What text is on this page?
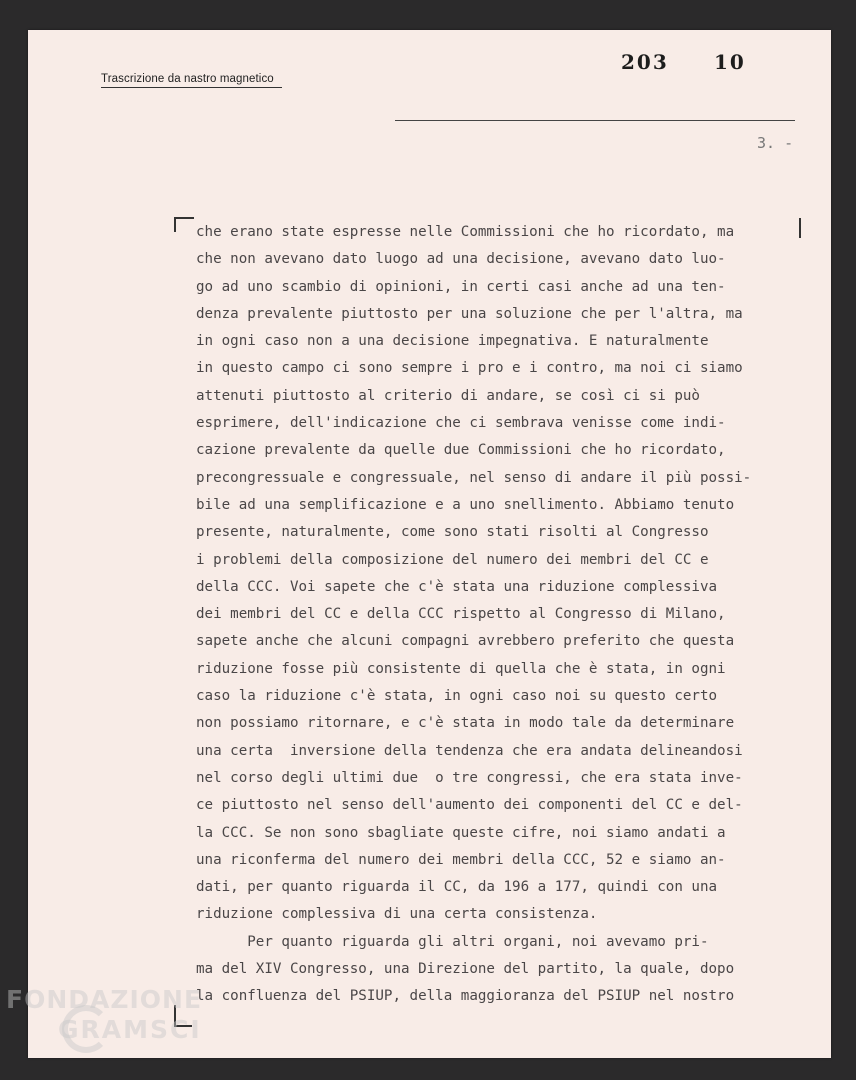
Trascrizione da nastro magnetico
203 10
3. -
che erano state espresse nelle Commissioni che ho ricordato, ma
che non avevano dato luogo ad una decisione, avevano dato luo-
go ad uno scambio di opinioni, in certi casi anche ad una ten-
denza prevalente piuttosto per una soluzione che per l'altra, ma
in ogni caso non a una decisione impegnativa. E naturalmente
in questo campo ci sono sempre i pro e i contro, ma noi ci siamo
attenuti piuttosto al criterio di andare, se così ci si può
esprimere, dell'indicazione che ci sembrava venisse come indi-
cazione prevalente da quelle due Commissioni che ho ricordato,
precongressuale e congressuale, nel senso di andare il più possi-
bile ad una semplificazione e a uno snellimento. Abbiamo tenuto
presente, naturalmente, come sono stati risolti al Congresso
i problemi della composizione del numero dei membri del CC e
della CCC. Voi sapete che c'è stata una riduzione complessiva
dei membri del CC e della CCC rispetto al Congresso di Milano,
sapete anche che alcuni compagni avrebbero preferito che questa
riduzione fosse più consistente di quella che è stata, in ogni
caso la riduzione c'è stata, in ogni caso noi su questo certo
non possiamo ritornare, e c'è stata in modo tale da determinare
una certa  inversione della tendenza che era andata delineandosi
nel corso degli ultimi due  o tre congressi, che era stata inve-
ce piuttosto nel senso dell'aumento dei componenti del CC e del-
la CCC. Se non sono sbagliate queste cifre, noi siamo andati a
una riconferma del numero dei membri della CCC, 52 e siamo an-
dati, per quanto riguarda il CC, da 196 a 177, quindi con una
riduzione complessiva di una certa consistenza.
Per quanto riguarda gli altri organi, noi avevamo pri-
ma del XIV Congresso, una Direzione del partito, la quale, dopo
la confluenza del PSIUP, della maggioranza del PSIUP nel nostro
FONDAZIONE
GRAMSCI
